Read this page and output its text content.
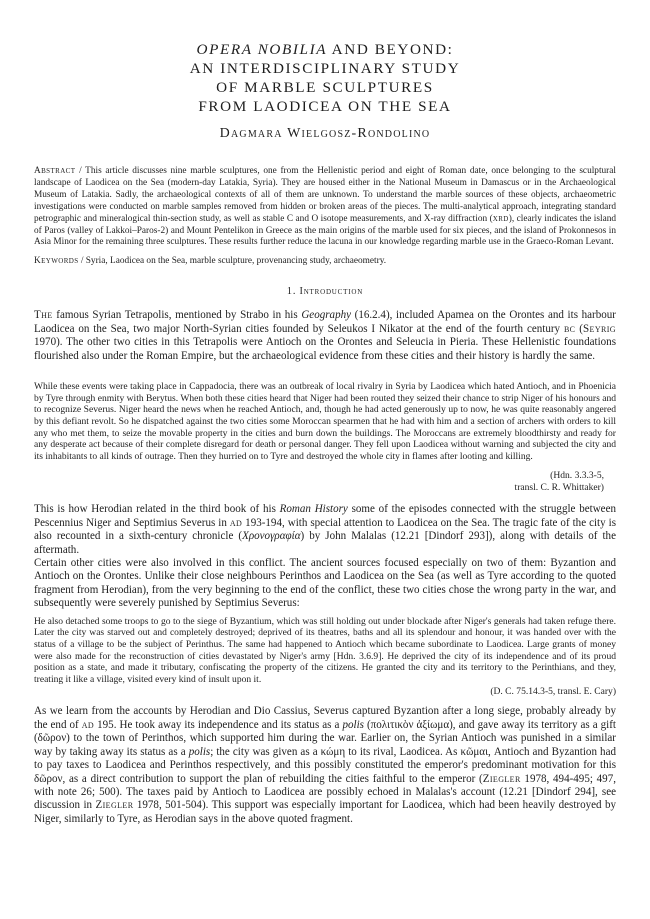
OPERA NOBILIA AND BEYOND:
AN INTERDISCIPLINARY STUDY
OF MARBLE SCULPTURES
FROM LAODICEA ON THE SEA
Dagmara Wielgosz-Rondolino
Abstract / This article discusses nine marble sculptures, one from the Hellenistic period and eight of Roman date, once belonging to the sculptural landscape of Laodicea on the Sea (modern-day Latakia, Syria). They are housed either in the National Museum in Damascus or in the Archaeological Museum of Latakia. Sadly, the archaeological contexts of all of them are unknown. To understand the marble sources of these objects, archaeometric investigations were conducted on marble samples removed from hidden or broken areas of the pieces. The multi-analytical approach, integrating standard petrographic and mineralogical thin-section study, as well as stable C and O isotope measurements, and X-ray diffraction (xrd), clearly indicates the island of Paros (valley of Lakkoi–Paros-2) and Mount Pentelikon in Greece as the main origins of the marble used for six pieces, and the island of Prokonnesos in Asia Minor for the remaining three sculptures. These results further reduce the lacuna in our knowledge regarding marble use in the Graeco-Roman Levant.
Keywords / Syria, Laodicea on the Sea, marble sculpture, provenancing study, archaeometry.
1. Introduction
The famous Syrian Tetrapolis, mentioned by Strabo in his Geography (16.2.4), included Apamea on the Orontes and its harbour Laodicea on the Sea, two major North-Syrian cities founded by Seleukos I Nikator at the end of the fourth century bc (Seyrig 1970). The other two cities in this Tetrapolis were Antioch on the Orontes and Seleucia in Pieria. These Hellenistic foundations flourished also under the Roman Empire, but the archaeological evidence from these cities and their history is hardly the same.
While these events were taking place in Cappadocia, there was an outbreak of local rivalry in Syria by Laodicea which hated Antioch, and in Phoenicia by Tyre through enmity with Berytus. When both these cities heard that Niger had been routed they seized their chance to strip Niger of his honours and to recognize Severus. Niger heard the news when he reached Antioch, and, though he had acted generously up to now, he was quite reasonably angered by this defiant revolt. So he dispatched against the two cities some Moroccan spearmen that he had with him and a section of archers with orders to kill any who met them, to seize the movable property in the cities and burn down the buildings. The Moroccans are extremely bloodthirsty and ready for any desperate act because of their complete disregard for death or personal danger. They fell upon Laodicea without warning and subjected the city and its inhabitants to all kinds of outrage. Then they hurried on to Tyre and destroyed the whole city in flames after looting and killing.
(Hdn. 3.3.3-5,
transl. C. R. Whittaker)
This is how Herodian related in the third book of his Roman History some of the episodes connected with the struggle between Pescennius Niger and Septimius Severus in ad 193-194, with special attention to Laodicea on the Sea. The tragic fate of the city is also recounted in a sixth-century chronicle (Χρονογραφία) by John Malalas (12.21 [Dindorf 293]), along with details of the aftermath.
Certain other cities were also involved in this conflict. The ancient sources focused especially on two of them: Byzantion and Antioch on the Orontes. Unlike their close neighbours Perinthos and Laodicea on the Sea (as well as Tyre according to the quoted fragment from Herodian), from the very beginning to the end of the conflict, these two cities chose the wrong party in the war, and subsequently were severely punished by Septimius Severus:
He also detached some troops to go to the siege of Byzantium, which was still holding out under blockade after Niger's generals had taken refuge there. Later the city was starved out and completely destroyed; deprived of its theatres, baths and all its splendour and honour, it was handed over with the status of a village to be the subject of Perinthus. The same had happened to Antioch which became subordinate to Laodicea. Large grants of money were also made for the reconstruction of cities devastated by Niger's army [Hdn. 3.6.9]. He deprived the city of its independence and of its proud position as a state, and made it tributary, confiscating the property of the citizens. He granted the city and its territory to the Perinthians, and they, treating it like a village, visited every kind of insult upon it.
(D. C. 75.14.3-5, transl. E. Cary)
As we learn from the accounts by Herodian and Dio Cassius, Severus captured Byzantion after a long siege, probably already by the end of ad 195. He took away its independence and its status as a polis (πολιτικὸν ἀξίωμα), and gave away its territory as a gift (δῶρον) to the town of Perinthos, which supported him during the war. Earlier on, the Syrian Antioch was punished in a similar way by taking away its status as a polis; the city was given as a κώμη to its rival, Laodicea. As κῶμαι, Antioch and Byzantion had to pay taxes to Laodicea and Perinthos respectively, and this possibly constituted the emperor's predominant motivation for this δῶρον, as a direct contribution to support the plan of rebuilding the cities faithful to the emperor (Ziegler 1978, 494-495; 497, with note 26; 500). The taxes paid by Antioch to Laodicea are possibly echoed in Malalas's account (12.21 [Dindorf 294], see discussion in Ziegler 1978, 501-504). This support was especially important for Laodicea, which had been heavily destroyed by Niger, similarly to Tyre, as Herodian says in the above quoted fragment.
